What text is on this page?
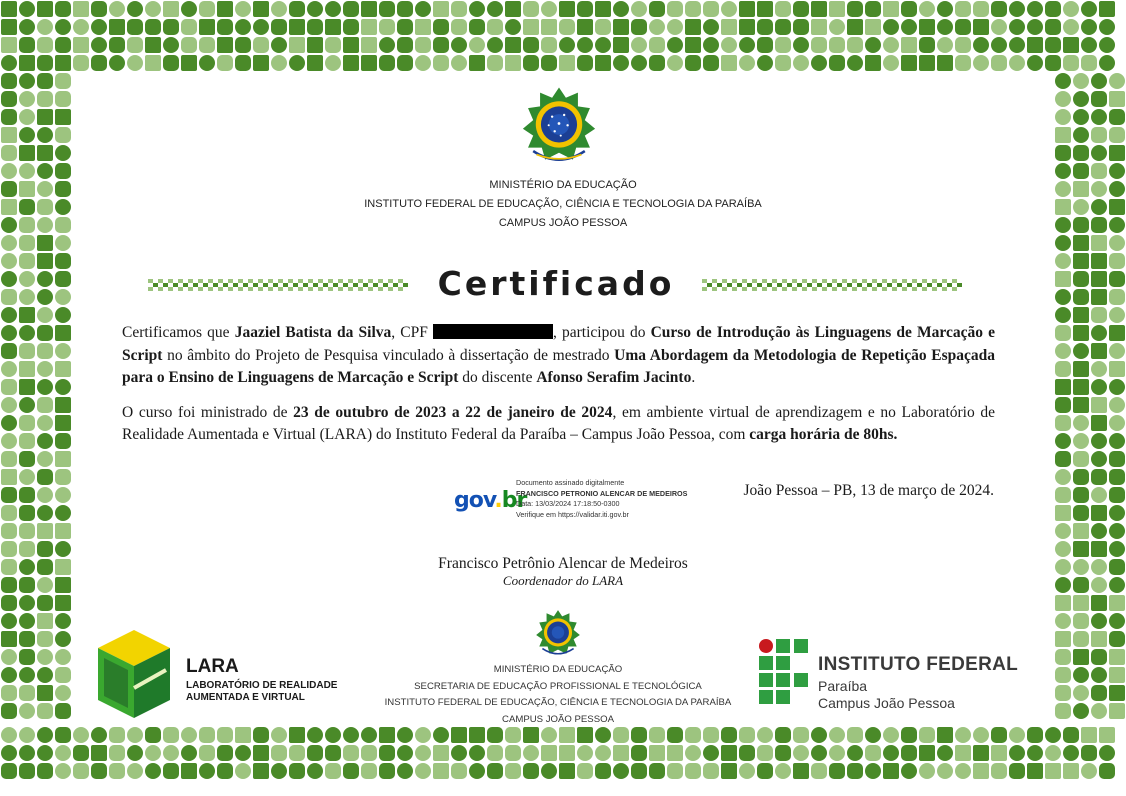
MINISTÉRIO DA EDUCAÇÃO
INSTITUTO FEDERAL DE EDUCAÇÃO, CIÊNCIA E TECNOLOGIA DA PARAÍBA
CAMPUS JOÃO PESSOA
Certificado

Certificamos que Jaaziel Batista da Silva, CPF	, participou do Curso de Introdução às Linguagens de Marcação e Script no âmbito do Projeto de Pesquisa vinculado à dissertação de mestrado Uma Abordagem da Metodologia de Repetição Espaçada para o Ensino de Linguagens de Marcação e Script do discente Afonso Serafim Jacinto.

O curso foi ministrado de 23 de outubro de 2023 a 22 de janeiro de 2024, em ambiente virtual de aprendizagem e no Laboratório de Realidade Aumentada e Virtual (LARA) do Instituto Federal da Paraíba – Campus João Pessoa, com carga horária de 80hs.

gov.br
Documento assinado digitalmente
FRANCISCO PETRONIO ALENCAR DE MEDEIROS
Data: 13/03/2024 17:18:50-0300
Verifique em https://validar.iti.gov.br
João Pessoa – PB, 13 de março de 2024.
Francisco Petrônio Alencar de Medeiros
Coordenador do LARA
LARA
LABORATÓRIO DE REALIDADE
AUMENTADA E VIRTUAL
MINISTÉRIO DA EDUCAÇÃO
SECRETARIA DE EDUCAÇÃO PROFISSIONAL E TECNOLÓGICA
INSTITUTO FEDERAL DE EDUCAÇÃO, CIÊNCIA E TECNOLOGIA DA PARAÍBA
CAMPUS JOÃO PESSOA
INSTITUTO FEDERAL
Paraíba
Campus João Pessoa
